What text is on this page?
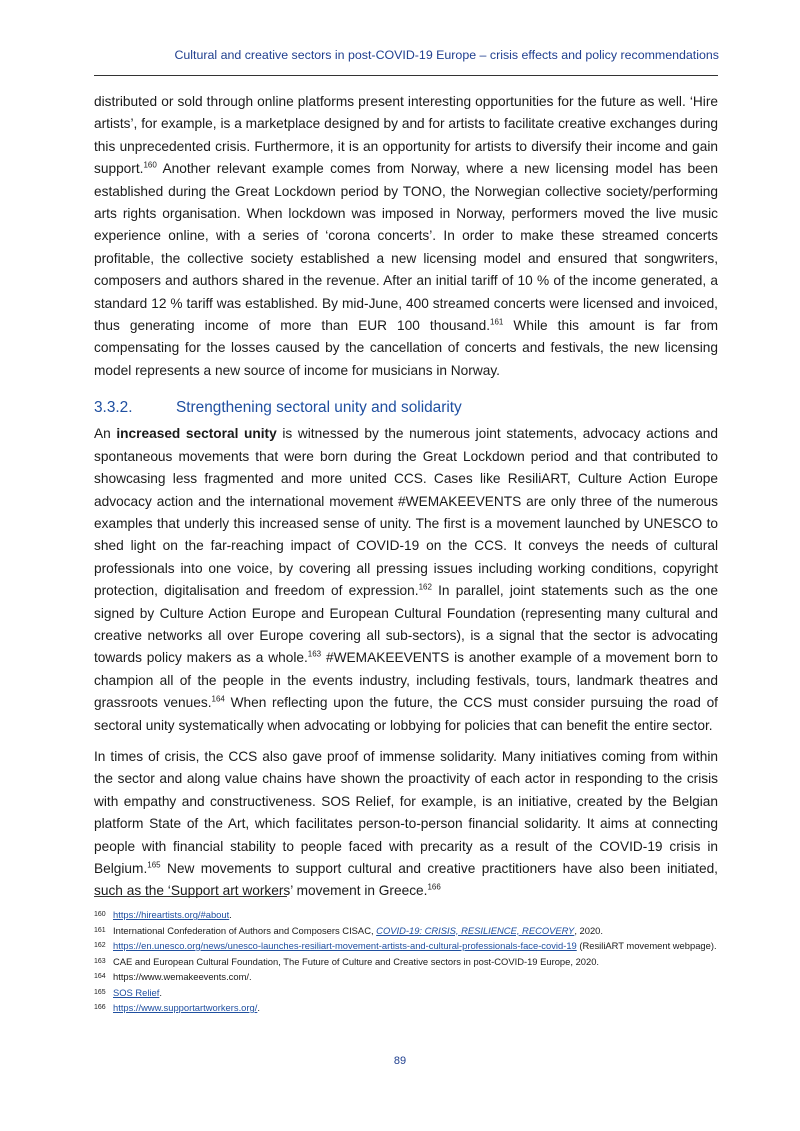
Cultural and creative sectors in post-COVID-19 Europe – crisis effects and policy recommendations

distributed or sold through online platforms present interesting opportunities for the future as well. ‘Hire artists’, for example, is a marketplace designed by and for artists to facilitate creative exchanges during this unprecedented crisis. Furthermore, it is an opportunity for artists to diversify their income and gain support.$^{160}$ Another relevant example comes from Norway, where a new licensing model has been established during the Great Lockdown period by TONO, the Norwegian collective society/performing arts rights organisation. When lockdown was imposed in Norway, performers moved the live music experience online, with a series of ‘corona concerts’. In order to make these streamed concerts profitable, the collective society established a new licensing model and ensured that songwriters, composers and authors shared in the revenue. After an initial tariff of 10 % of the income generated, a standard 12 % tariff was established. By mid-June, 400 streamed concerts were licensed and invoiced, thus generating income of more than EUR 100 thousand.$^{161}$ While this amount is far from compensating for the losses caused by the cancellation of concerts and festivals, the new licensing model represents a new source of income for musicians in Norway.

3.3.2.	Strengthening sectoral unity and solidarity

An increased sectoral unity is witnessed by the numerous joint statements, advocacy actions and spontaneous movements that were born during the Great Lockdown period and that contributed to showcasing less fragmented and more united CCS. Cases like ResiliART, Culture Action Europe advocacy action and the international movement #WEMAKEEVENTS are only three of the numerous examples that underly this increased sense of unity. The first is a movement launched by UNESCO to shed light on the far-reaching impact of COVID-19 on the CCS. It conveys the needs of cultural professionals into one voice, by covering all pressing issues including working conditions, copyright protection, digitalisation and freedom of expression.$^{162}$ In parallel, joint statements such as the one signed by Culture Action Europe and European Cultural Foundation (representing many cultural and creative networks all over Europe covering all sub-sectors), is a signal that the sector is advocating towards policy makers as a whole.$^{163}$ #WEMAKEEVENTS is another example of a movement born to champion all of the people in the events industry, including festivals, tours, landmark theatres and grassroots venues.$^{164}$ When reflecting upon the future, the CCS must consider pursuing the road of sectoral unity systematically when advocating or lobbying for policies that can benefit the entire sector.

In times of crisis, the CCS also gave proof of immense solidarity. Many initiatives coming from within the sector and along value chains have shown the proactivity of each actor in responding to the crisis with empathy and constructiveness. SOS Relief, for example, is an initiative, created by the Belgian platform State of the Art, which facilitates person-to-person financial solidarity. It aims at connecting people with financial stability to people faced with precarity as a result of the COVID-19 crisis in Belgium.$^{165}$ New movements to support cultural and creative practitioners have also been initiated, such as the ‘Support art workers’ movement in Greece.$^{166}$

160 https://hireartists.org/#about.
161 International Confederation of Authors and Composers CISAC, COVID-19: CRISIS, RESILIENCE, RECOVERY, 2020.
162 https://en.unesco.org/news/unesco-launches-resiliart-movement-artists-and-cultural-professionals-face-covid-19 (ResiliART movement webpage).
163 CAE and European Cultural Foundation, The Future of Culture and Creative sectors in post-COVID-19 Europe, 2020.
164 https://www.wemakeevents.com/.
165 SOS Relief.
166 https://www.supportartworkers.org/.
89
